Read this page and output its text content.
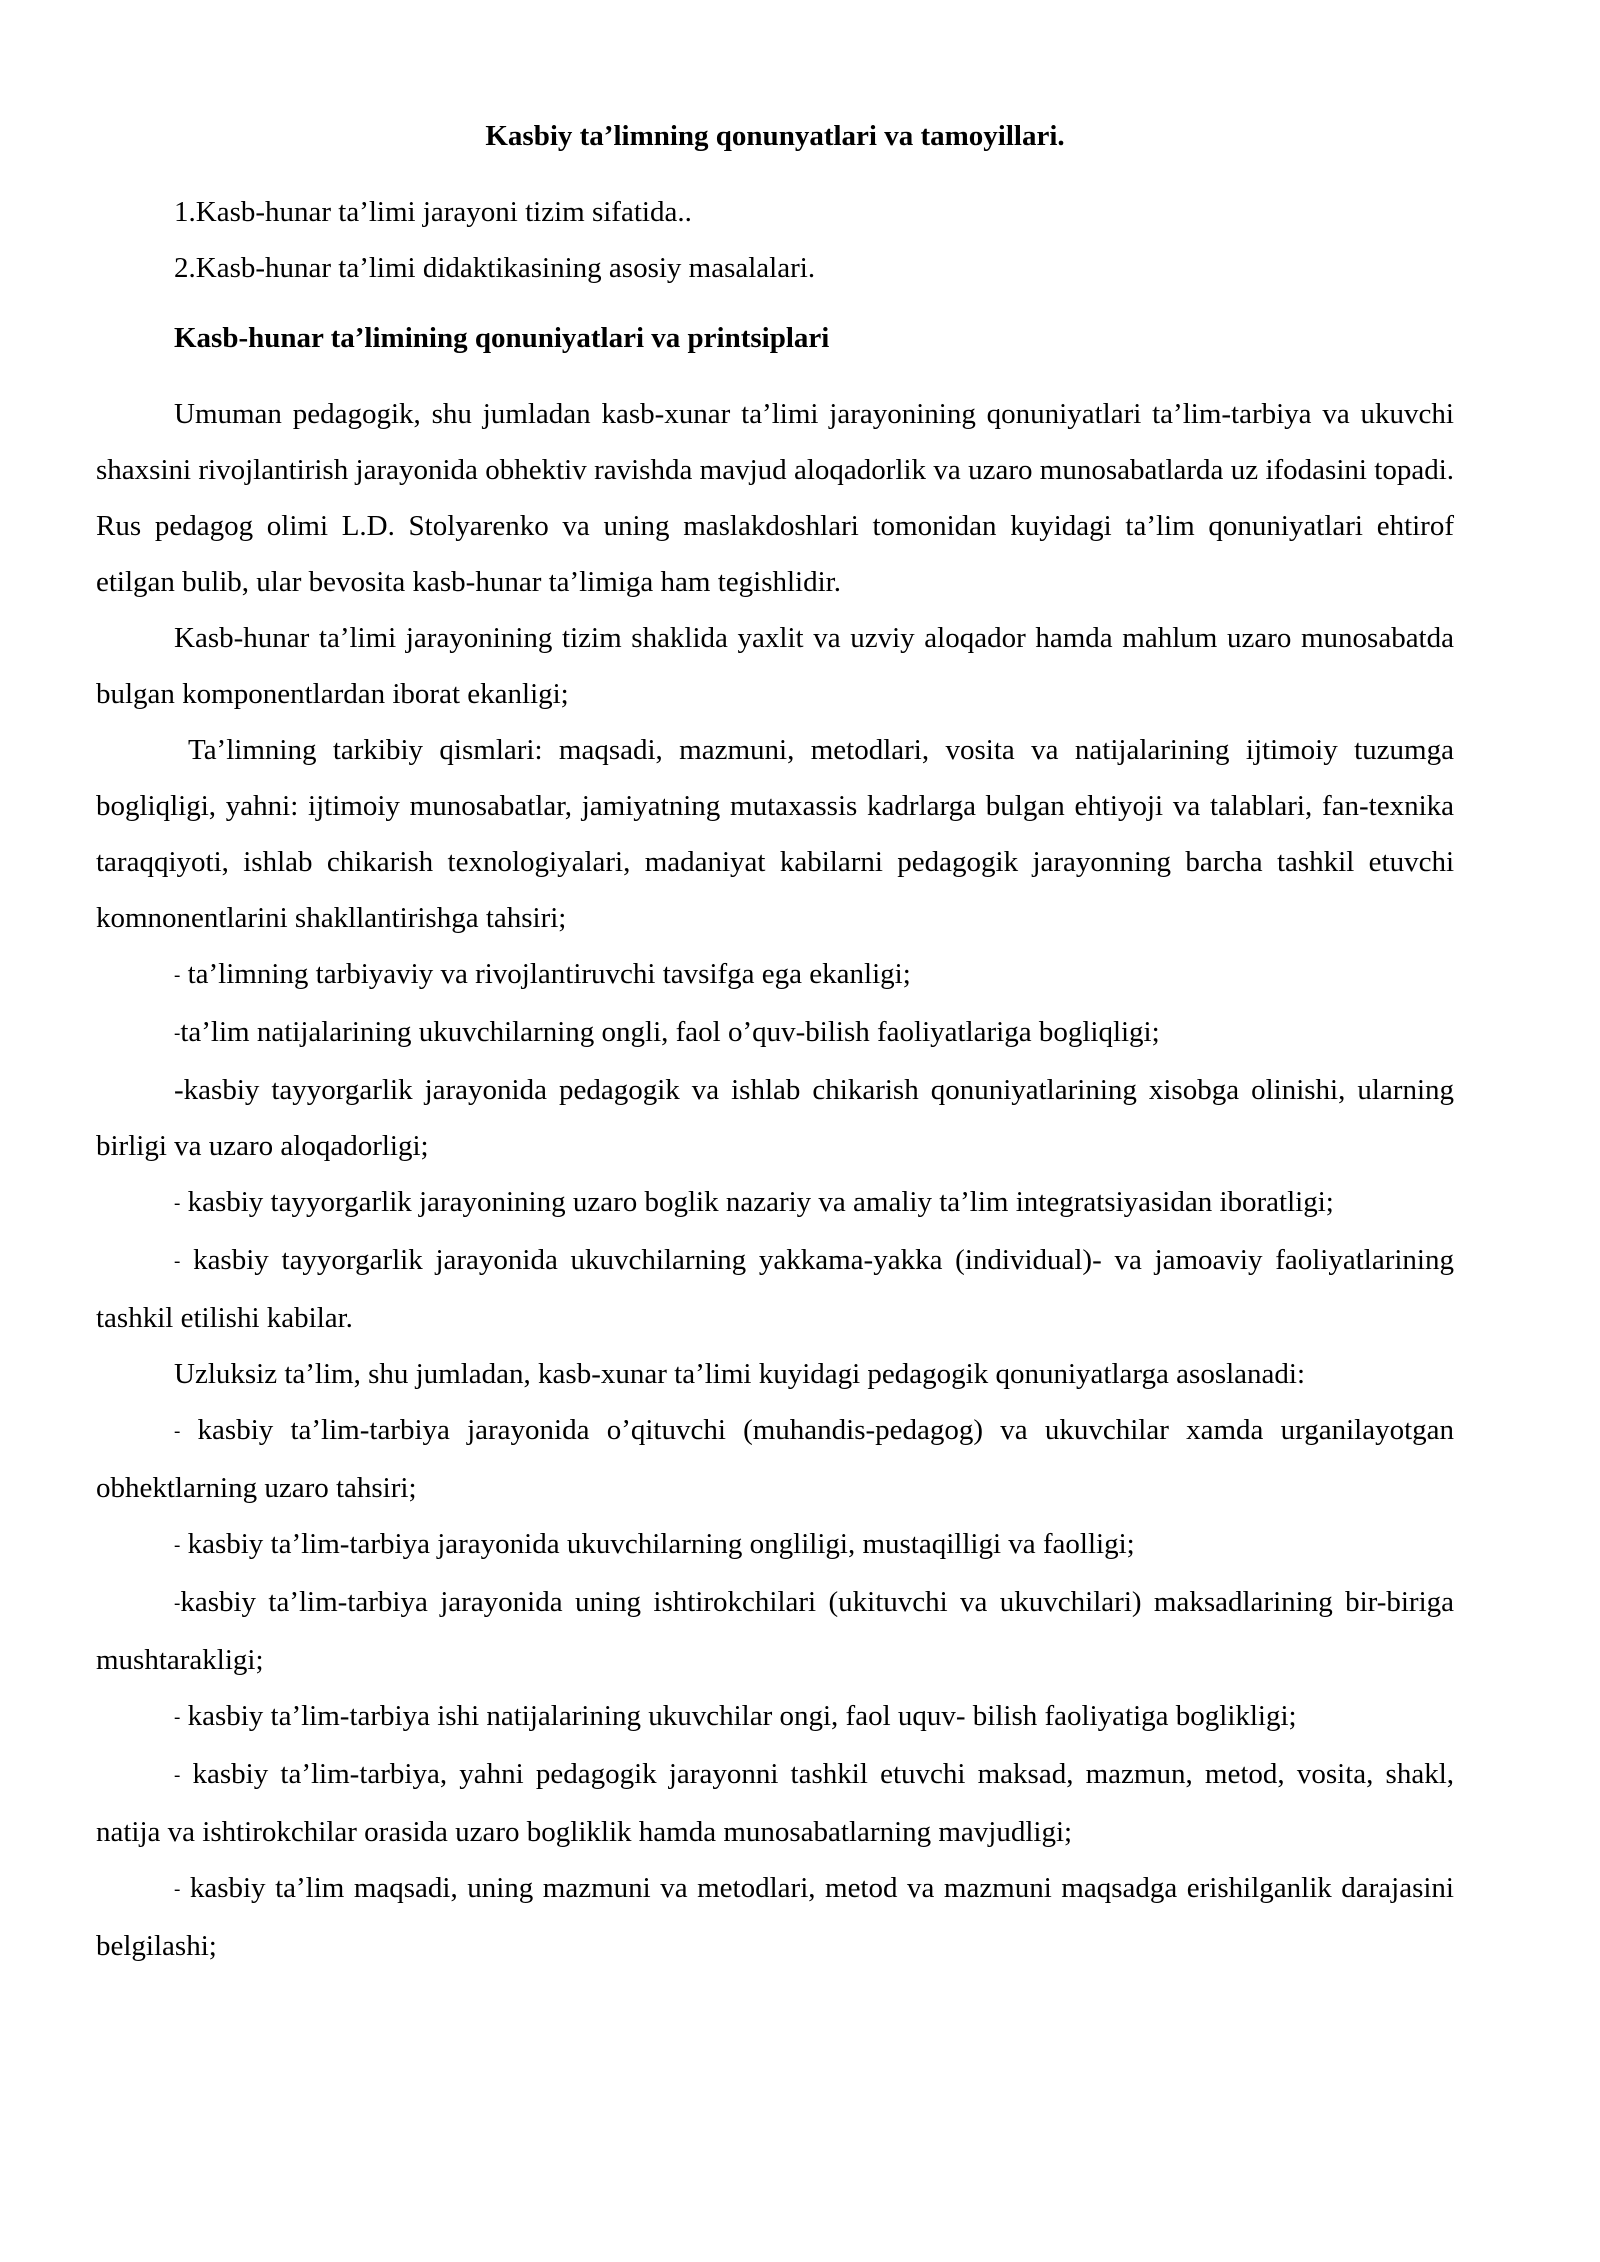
Kasbiy ta’limning qonunyatlari va tamoyillari.
1.Kasb-hunar ta’limi jarayoni tizim sifatida..
2.Kasb-hunar ta’limi didaktikasining asosiy masalalari.
Kasb-hunar ta’limining qonuniyatlari va printsiplari

Umuman pedagogik, shu jumladan kasb-xunar ta’limi jarayonining qonuniyatlari ta’lim-tarbiya va ukuvchi shaxsini rivojlantirish jarayonida obhektiv ravishda mavjud aloqadorlik va uzaro munosabatlarda uz ifodasini topadi. Rus pedagog olimi L.D. Stolyarenko va uning maslakdoshlari tomonidan kuyidagi ta’lim qonuniyatlari ehtirof etilgan bulib, ular bevosita kasb-hunar ta’limiga ham tegishlidir.

Kasb-hunar ta’limi jarayonining tizim shaklida yaxlit va uzviy aloqador hamda mahlum uzaro munosabatda bulgan komponentlardan iborat ekanligi;

Ta’limning tarkibiy qismlari: maqsadi, mazmuni, metodlari, vosita va natijalarining ijtimoiy tuzumga bogliqligi, yahni: ijtimoiy munosabatlar, jamiyatning mutaxassis kadrlarga bulgan ehtiyoji va talablari, fan-texnika taraqqiyoti, ishlab chikarish texnologiyalari, madaniyat kabilarni pedagogik jarayonning barcha tashkil etuvchi komnonentlarini shakllantirishga tahsiri;

- ta’limning tarbiyaviy va rivojlantiruvchi tavsifga ega ekanligi;

-ta’lim natijalarining ukuvchilarning ongli, faol o’quv-bilish faoliyatlariga bogliqligi;

-kasbiy tayyorgarlik jarayonida pedagogik va ishlab chikarish qonuniyatlarining xisobga olinishi, ularning birligi va uzaro aloqadorligi;

- kasbiy tayyorgarlik jarayonining uzaro boglik nazariy va amaliy ta’lim integratsiyasidan iboratligi;

- kasbiy tayyorgarlik jarayonida ukuvchilarning yakkama-yakka (individual)- va jamoaviy faoliyatlarining tashkil etilishi kabilar.

Uzluksiz ta’lim, shu jumladan, kasb-xunar ta’limi kuyidagi pedagogik qonuniyatlarga asoslanadi:

- kasbiy ta’lim-tarbiya jarayonida o’qituvchi (muhandis-pedagog) va ukuvchilar xamda urganilayotgan obhektlarning uzaro tahsiri;

- kasbiy ta’lim-tarbiya jarayonida ukuvchilarning ongliligi, mustaqilligi va faolligi;

-kasbiy ta’lim-tarbiya jarayonida uning ishtirokchilari (ukituvchi va ukuvchilari) maksadlarining bir-biriga mushtarakligi;

- kasbiy ta’lim-tarbiya ishi natijalarining ukuvchilar ongi, faol uquv- bilish faoliyatiga boglikligi;

- kasbiy ta’lim-tarbiya, yahni pedagogik jarayonni tashkil etuvchi maksad, mazmun, metod, vosita, shakl, natija va ishtirokchilar orasida uzaro bogliklik hamda munosabatlarning mavjudligi;

- kasbiy ta’lim maqsadi, uning mazmuni va metodlari, metod va mazmuni maqsadga erishilganlik darajasini belgilashi;
